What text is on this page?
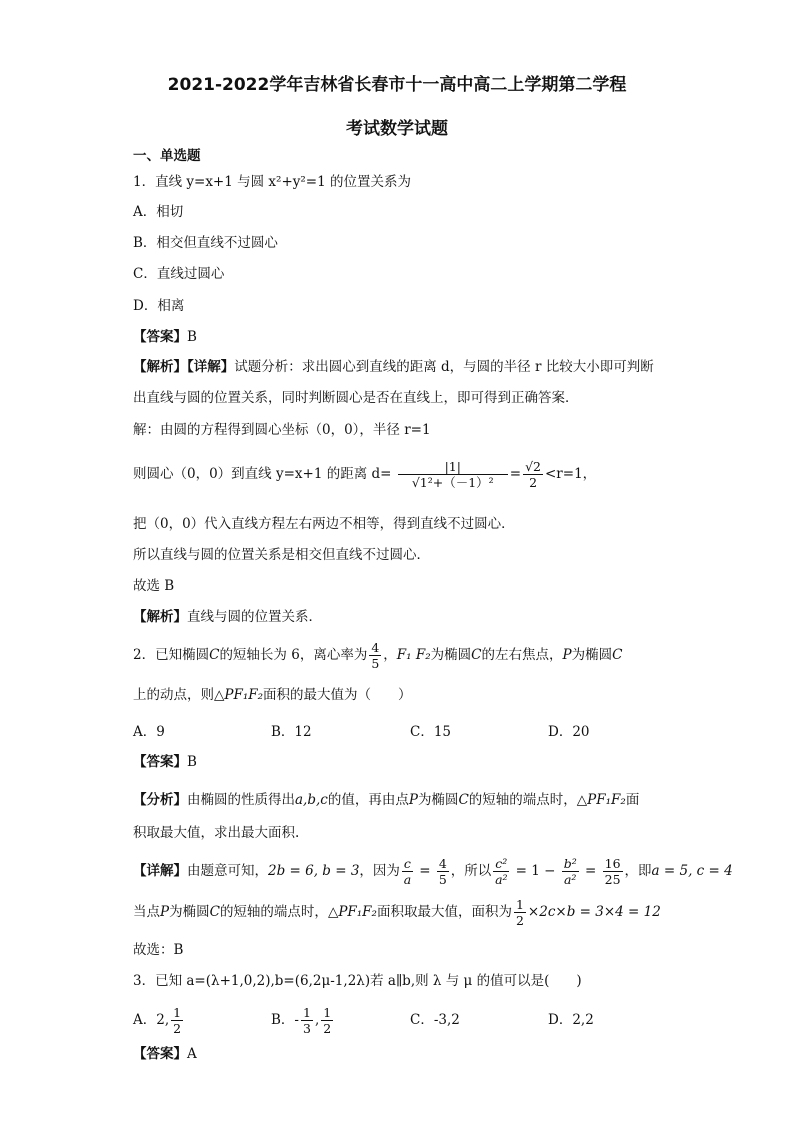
2021-2022学年吉林省长春市十一高中高二上学期第二学程
考试数学试题
一、单选题
1．直线 y=x+1 与圆 x²+y²=1 的位置关系为
A．相切
B．相交但直线不过圆心
C．直线过圆心
D．相离
【答案】B
【解析】【详解】试题分析：求出圆心到直线的距离 d，与圆的半径 r 比较大小即可判断
出直线与圆的位置关系，同时判断圆心是否在直线上，即可得到正确答案．
解：由圆的方程得到圆心坐标（0，0），半径 r=1
则圆心（0，0）到直线 y=x+1 的距离 $d= \frac{|1|}{\text{√1²+（－1）²}} = \frac{√2}{2} <r=1$，
把（0，0）代入直线方程左右两边不相等，得到直线不过圆心．
所以直线与圆的位置关系是相交但直线不过圆心．
故选 B
【解析】直线与圆的位置关系．
2．已知椭圆C的短轴长为 6，离心率为 $\frac{4}{5}$ ，F₁ F₂为椭圆C的左右焦点，P为椭圆C
上的动点，则△PF₁F₂面积的最大值为（　　）
A．9	B．12	C．15	D．20
【答案】B
【分析】由椭圆的性质得出a,b,c的值，再由点P为椭圆C的短轴的端点时，△PF₁F₂面
积取最大值，求出最大面积.
【详解】由题意可知，2b = 6, b = 3，因为 $\frac{c}{a} = \frac{4}{5}$ ，所以 $\frac{\text{c²}}{\text{a²}} = 1 - \frac{\text{b²}}{\text{a²}} = \frac{16}{25}$ ，即a = 5, c = 4
当点P为椭圆C的短轴的端点时，△PF₁F₂面积取最大值，面积为 $\frac{1}{2} \times 2c\times b = 3\times 4 = 12$
故选：B
3．已知 a=(λ+1,0,2),b=(6,2μ-1,2λ)若 a∥b,则 λ 与 μ 的值可以是(　　)
A．2, $\frac{1}{2}$	B．- $\frac{1}{3}$ , $\frac{1}{2}$	C．-3,2	D．2,2
【答案】A
